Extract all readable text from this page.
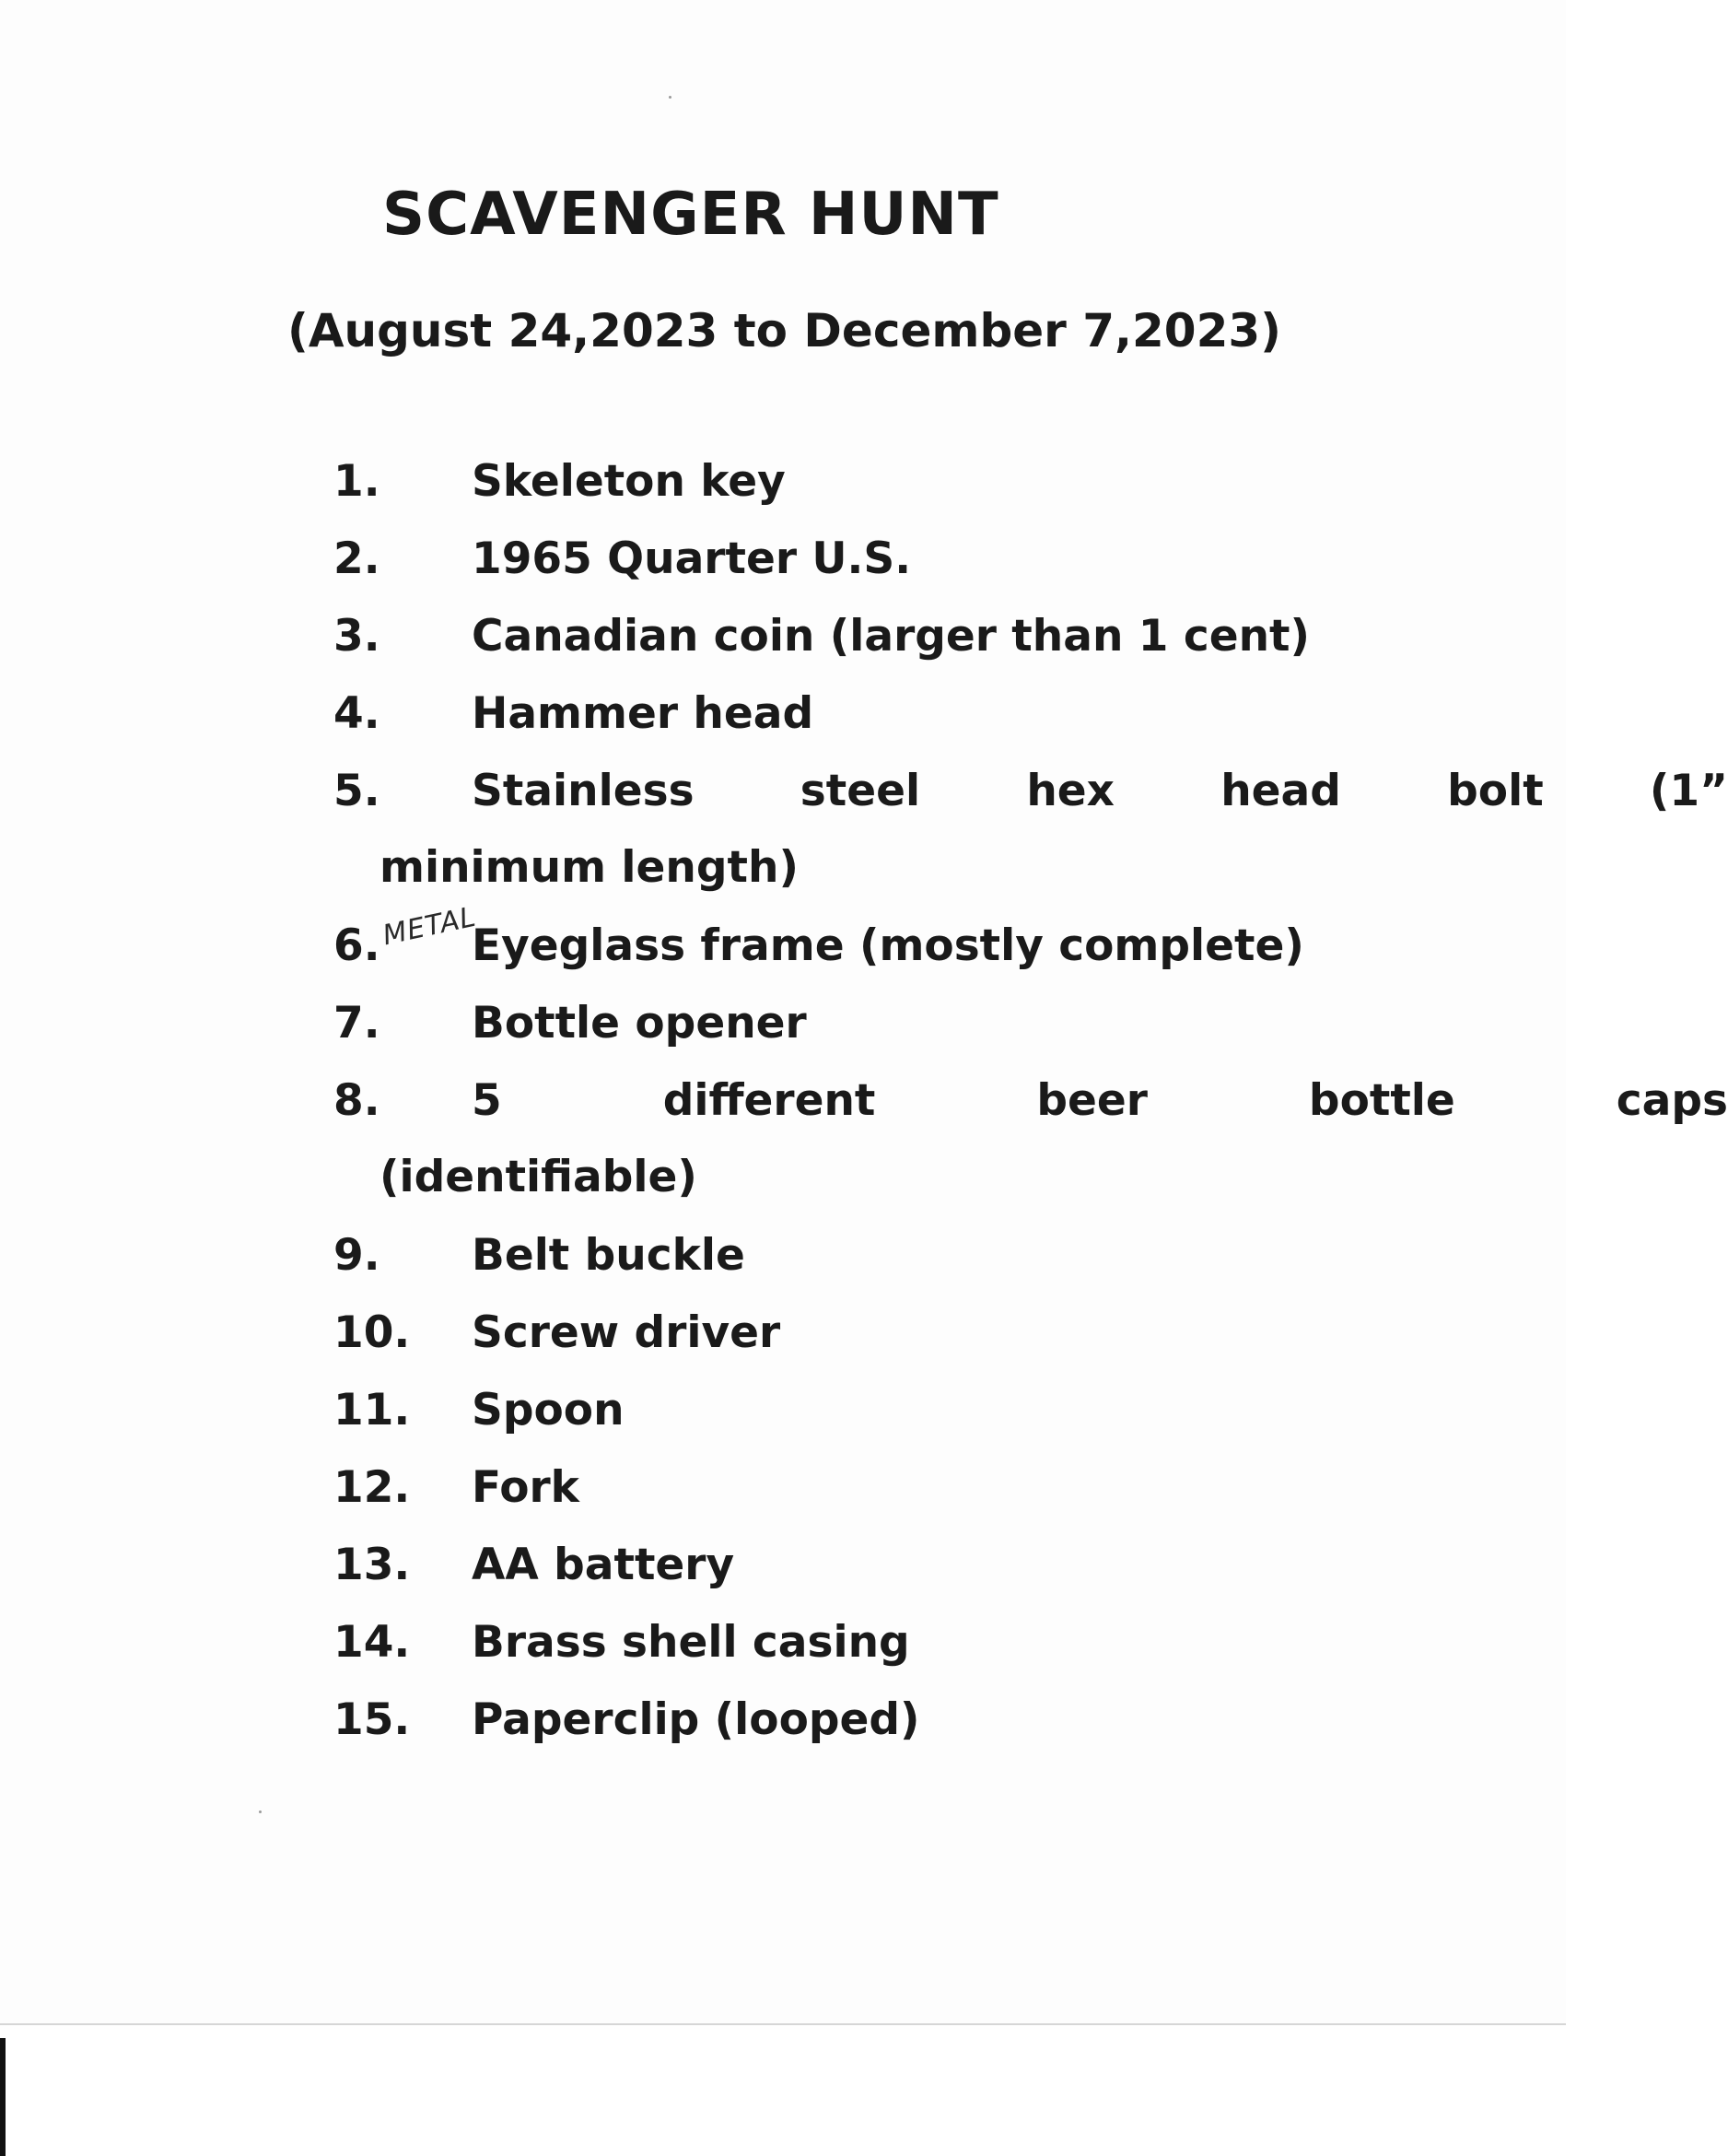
SCAVENGER HUNT
(August 24,2023 to December 7,2023)
1. Skeleton key
2. 1965 Quarter U.S.
3. Canadian coin (larger than 1 cent)
4. Hammer head
5. Stainless steel hex head bolt (1”
minimum length)
6. Eyeglass frame (mostly complete)
METAL
7. Bottle opener
8. 5	different	beer	bottle	caps
(identifiable)
9. Belt buckle
10. Screw driver
11. Spoon
12. Fork
13. AA battery
14. Brass shell casing
15. Paperclip (looped)
